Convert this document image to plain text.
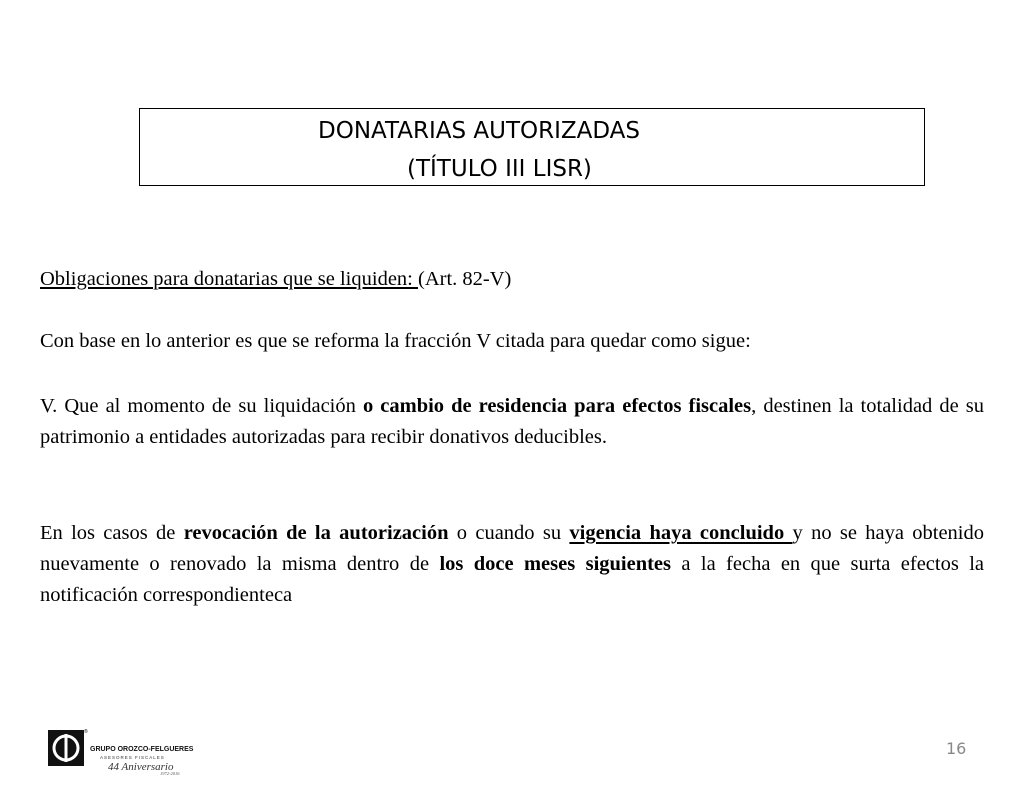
DONATARIAS AUTORIZADAS
(TÍTULO III LISR)
Obligaciones para donatarias que se liquiden: (Art. 82-V)
Con base en lo anterior es que se reforma la fracción V citada para quedar como sigue:
V. Que al momento de su liquidación o cambio de residencia para efectos fiscales, destinen la totalidad de su patrimonio a entidades autorizadas para recibir donativos deducibles.
En los casos de revocación de la autorización o cuando su vigencia haya concluido y no se haya obtenido nuevamente o renovado la misma dentro de los doce meses siguientes a la fecha en que surta efectos la notificación correspondienteca
®
GRUPO OROZCO-FELGUERES
ASESORES FISCALES
44 Aniversario
1972-2016
16
